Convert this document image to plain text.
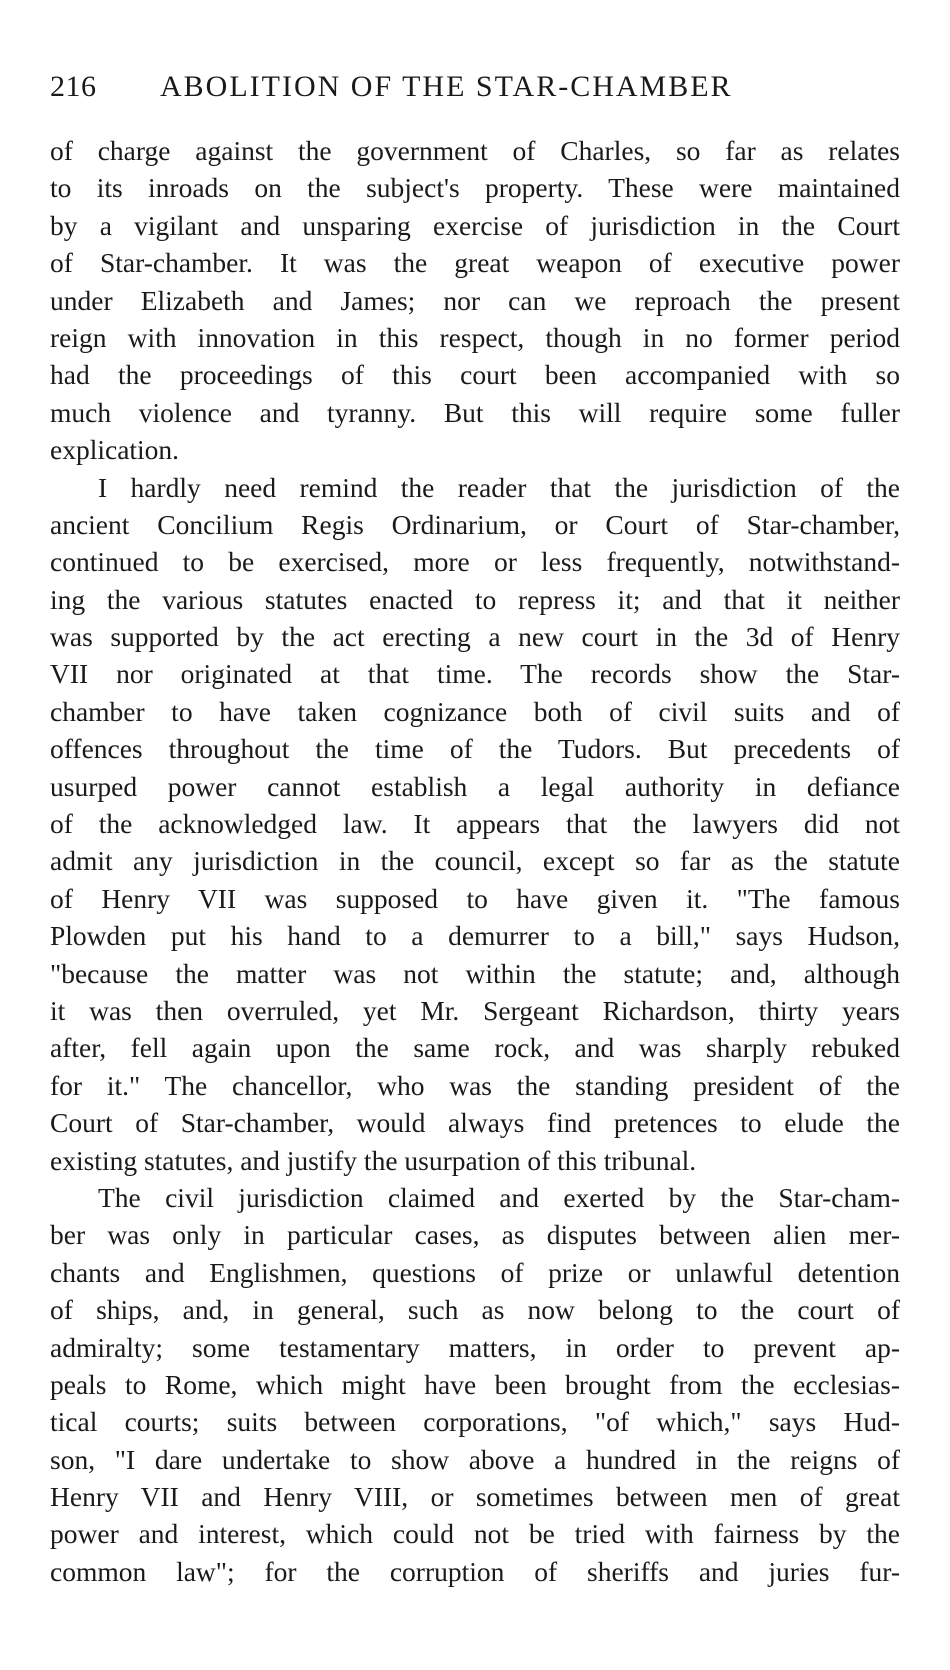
216	ABOLITION OF THE STAR-CHAMBER
of charge against the government of Charles, so far as relates
to its inroads on the subject's property. These were maintained
by a vigilant and unsparing exercise of jurisdiction in the Court
of Star-chamber. It was the great weapon of executive power
under Elizabeth and James; nor can we reproach the present
reign with innovation in this respect, though in no former period
had the proceedings of this court been accompanied with so
much violence and tyranny. But this will require some fuller
explication.
I hardly need remind the reader that the jurisdiction of the
ancient Concilium Regis Ordinarium, or Court of Star-chamber,
continued to be exercised, more or less frequently, notwithstand-
ing the various statutes enacted to repress it; and that it neither
was supported by the act erecting a new court in the 3d of Henry
VII nor originated at that time. The records show the Star-
chamber to have taken cognizance both of civil suits and of
offences throughout the time of the Tudors. But precedents of
usurped power cannot establish a legal authority in defiance
of the acknowledged law. It appears that the lawyers did not
admit any jurisdiction in the council, except so far as the statute
of Henry VII was supposed to have given it. "The famous
Plowden put his hand to a demurrer to a bill," says Hudson,
"because the matter was not within the statute; and, although
it was then overruled, yet Mr. Sergeant Richardson, thirty years
after, fell again upon the same rock, and was sharply rebuked
for it." The chancellor, who was the standing president of the
Court of Star-chamber, would always find pretences to elude the
existing statutes, and justify the usurpation of this tribunal.
The civil jurisdiction claimed and exerted by the Star-cham-
ber was only in particular cases, as disputes between alien mer-
chants and Englishmen, questions of prize or unlawful detention
of ships, and, in general, such as now belong to the court of
admiralty; some testamentary matters, in order to prevent ap-
peals to Rome, which might have been brought from the ecclesias-
tical courts; suits between corporations, "of which," says Hud-
son, "I dare undertake to show above a hundred in the reigns of
Henry VII and Henry VIII, or sometimes between men of great
power and interest, which could not be tried with fairness by the
common law"; for the corruption of sheriffs and juries fur-
